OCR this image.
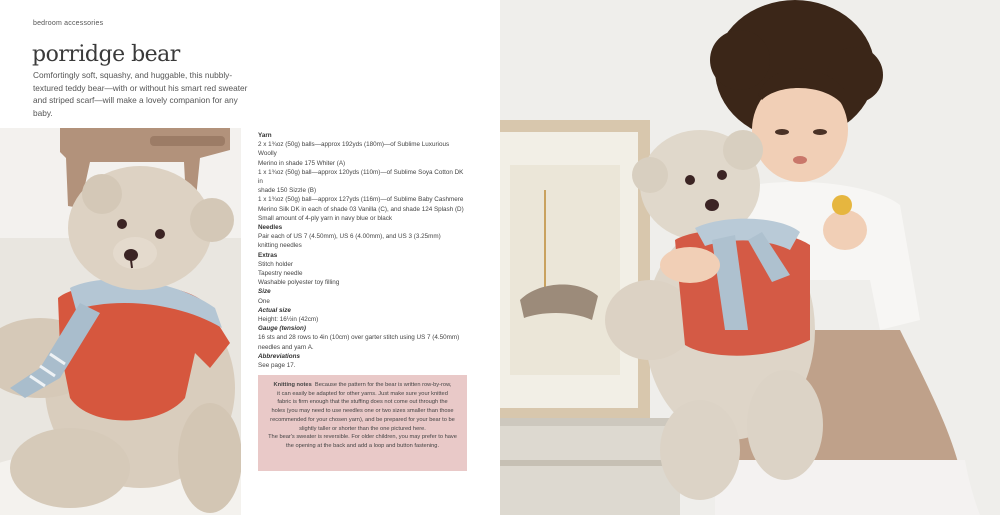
bedroom accessories
porridge bear

Comfortingly soft, squashy, and huggable, this nubbly-textured teddy bear—with or without his smart red sweater and striped scarf—will make a lovely companion for any baby.

Yarn
2 x 1¾oz (50g) balls—approx 192yds (180m)—of Sublime Luxurious Woolly
Merino in shade 175 Whiter (A)
1 x 1¾oz (50g) ball—approx 120yds (110m)—of Sublime Soya Cotton DK in
shade 150 Sizzle (B)
1 x 1¾oz (50g) ball—approx 127yds (116m)—of Sublime Baby Cashmere
Merino Silk DK in each of shade 03 Vanilla (C), and shade 124 Splash (D)
Small amount of 4-ply yarn in navy blue or black
Needles
Pair each of US 7 (4.50mm), US 6 (4.00mm), and US 3 (3.25mm)
knitting needles
Extras
Stitch holder
Tapestry needle
Washable polyester toy filling
Size
One
Actual size
Height: 16½in (42cm)
Gauge (tension)
16 sts and 28 rows to 4in (10cm) over garter stitch using US 7 (4.50mm)
needles and yarn A.
Abbreviations
See page 17.
Knitting notes Because the pattern for the bear is written row-by-row,
it can easily be adapted for other yarns. Just make sure your knitted
fabric is firm enough that the stuffing does not come out through the
holes (you may need to use needles one or two sizes smaller than those
recommended for your chosen yarn), and be prepared for your bear to be
slightly taller or shorter than the one pictured here.
The bear's sweater is reversible. For older children, you may prefer to have
the opening at the back and add a loop and button fastening.
